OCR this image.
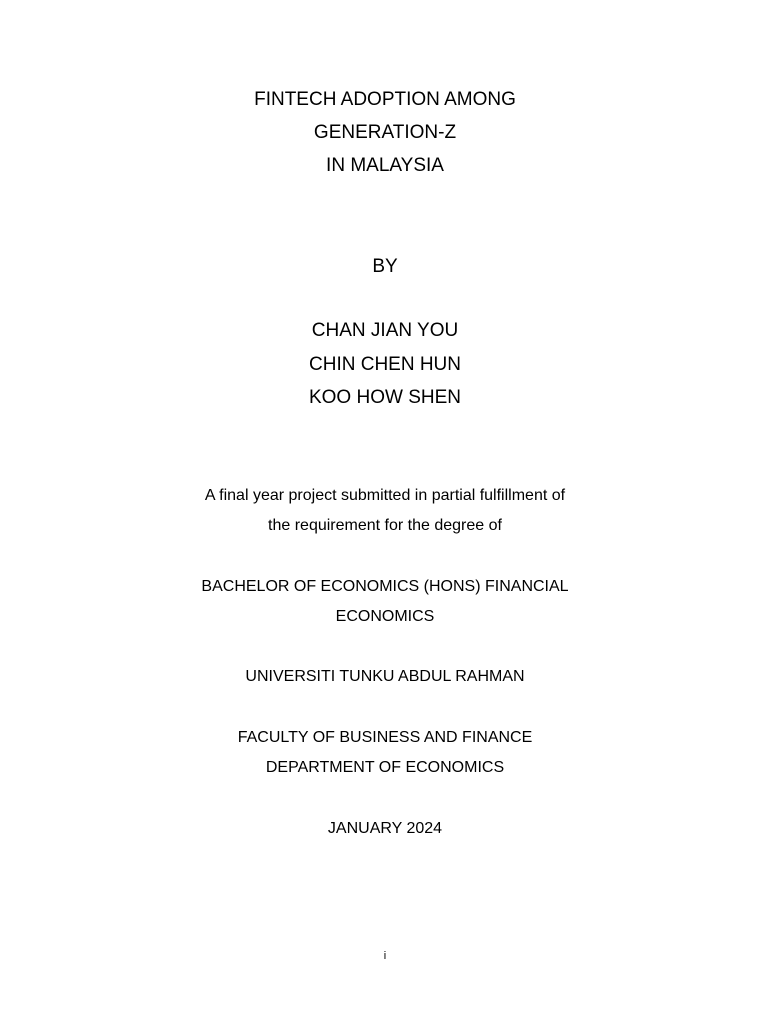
FINTECH ADOPTION AMONG
GENERATION-Z
IN MALAYSIA
BY
CHAN JIAN YOU
CHIN CHEN HUN
KOO HOW SHEN
A final year project submitted in partial fulfillment of
the requirement for the degree of
BACHELOR OF ECONOMICS (HONS) FINANCIAL
ECONOMICS
UNIVERSITI TUNKU ABDUL RAHMAN
FACULTY OF BUSINESS AND FINANCE
DEPARTMENT OF ECONOMICS
JANUARY 2024
i
